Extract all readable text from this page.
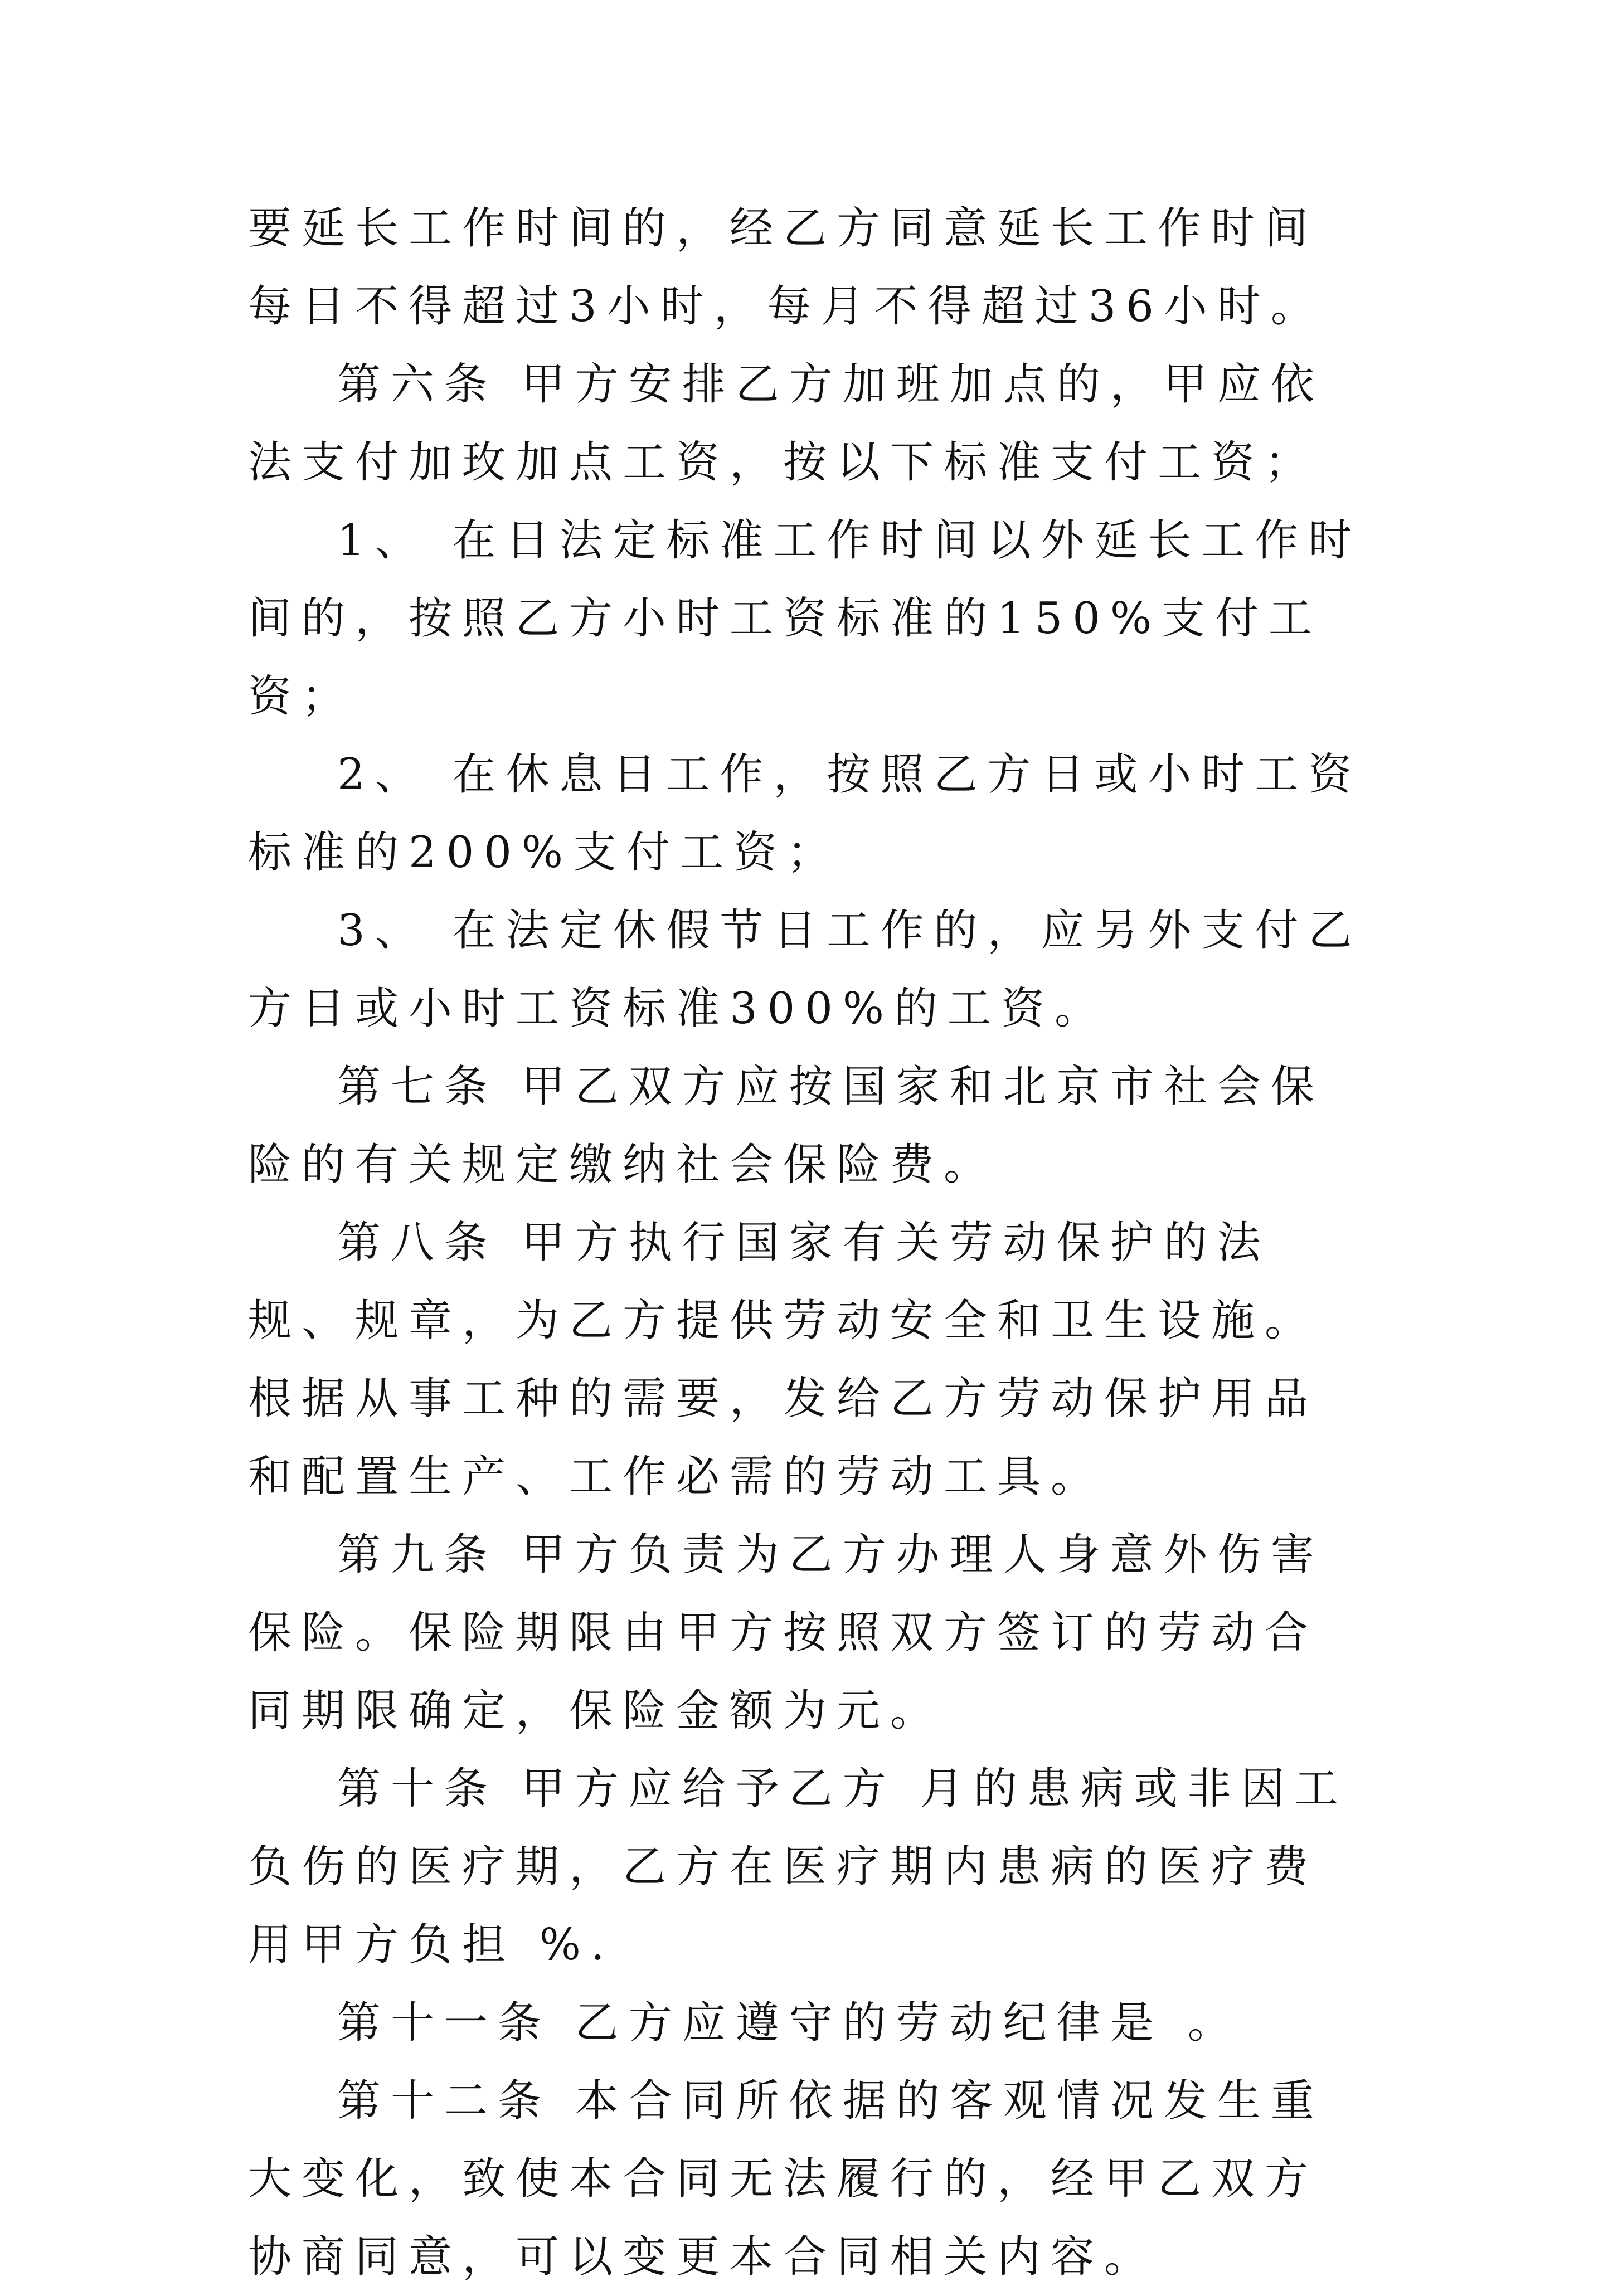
要延长工作时间的，经乙方同意延长工作时间每日不得超过3小时，每月不得超过36小时。

第六条 甲方安排乙方加班加点的，甲应依法支付加玫加点工资，按以下标准支付工资；

1、 在日法定标准工作时间以外延长工作时间的，按照乙方小时工资标准的150%支付工资；

2、 在休息日工作，按照乙方日或小时工资标准的200%支付工资；

3、 在法定休假节日工作的，应另外支付乙方日或小时工资标准300%的工资。

第七条 甲乙双方应按国家和北京市社会保险的有关规定缴纳社会保险费。

第八条 甲方执行国家有关劳动保护的法规、规章，为乙方提供劳动安全和卫生设施。根据从事工种的需要，发给乙方劳动保护用品和配置生产、工作必需的劳动工具。

第九条 甲方负责为乙方办理人身意外伤害保险。保险期限由甲方按照双方签订的劳动合同期限确定，保险金额为元。

第十条 甲方应给予乙方 月的患病或非因工负伤的医疗期，乙方在医疗期内患病的医疗费用甲方负担 %.

第十一条 乙方应遵守的劳动纪律是 。

第十二条 本合同所依据的客观情况发生重大变化，致使本合同无法履行的，经甲乙双方协商同意，可以变更本合同相关内容。
